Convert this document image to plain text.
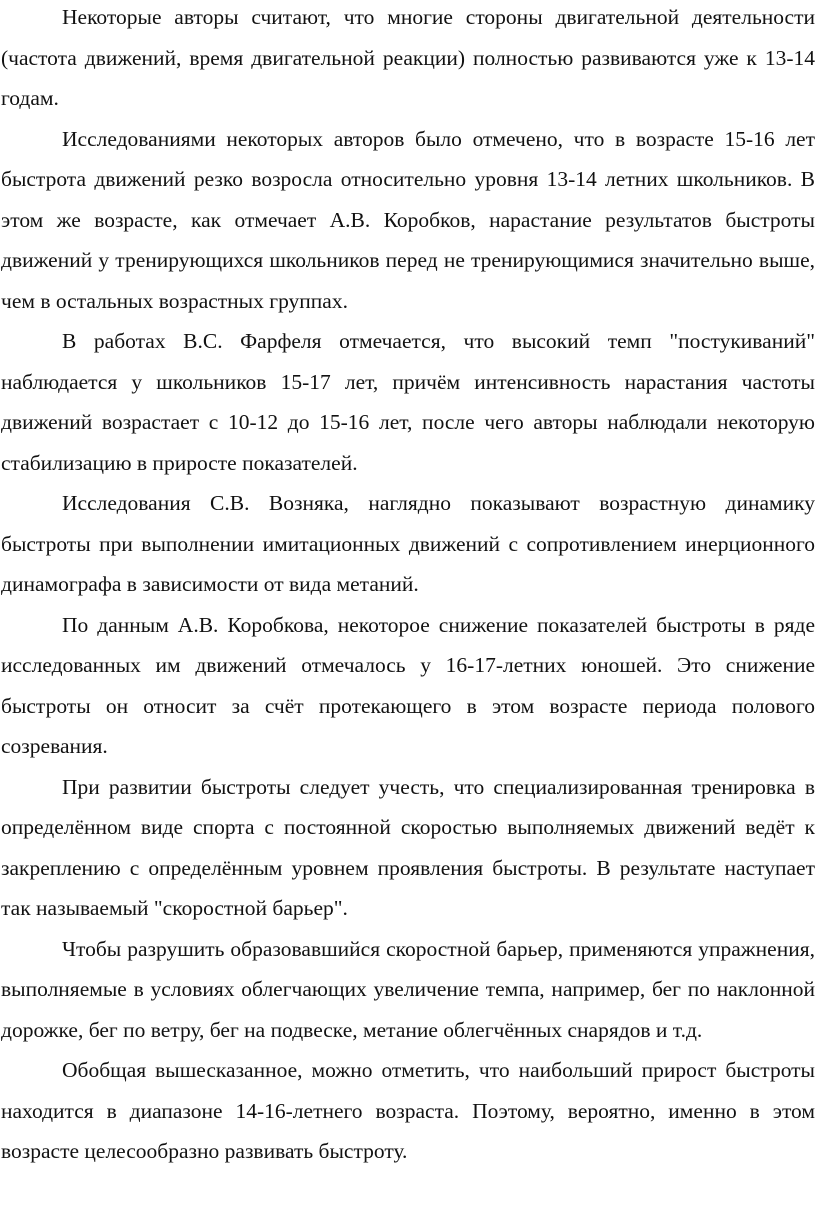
Некоторые авторы считают, что многие стороны двигательной деятельности (частота движений, время двигательной реакции) полностью развиваются уже к 13-14 годам.

Исследованиями некоторых авторов было отмечено, что в возрасте 15-16 лет быстрота движений резко возросла относительно уровня 13-14 летних школьников. В этом же возрасте, как отмечает А.В. Коробков, нарастание результатов быстроты движений у тренирующихся школьников перед не тренирующимися значительно выше, чем в остальных возрастных группах.

В работах В.С. Фарфеля отмечается, что высокий темп "постукиваний" наблюдается у школьников 15-17 лет, причём интенсивность нарастания частоты движений возрастает с 10-12 до 15-16 лет, после чего авторы наблюдали некоторую стабилизацию в приросте показателей.

Исследования С.В. Возняка, наглядно показывают возрастную динамику быстроты при выполнении имитационных движений с сопротивлением инерционного динамографа в зависимости от вида метаний.

По данным А.В. Коробкова, некоторое снижение показателей быстроты в ряде исследованных им движений отмечалось у 16-17-летних юношей. Это снижение быстроты он относит за счёт протекающего в этом возрасте периода полового созревания.

При развитии быстроты следует учесть, что специализированная тренировка в определённом виде спорта с постоянной скоростью выполняемых движений ведёт к закреплению с определённым уровнем проявления быстроты. В результате наступает так называемый "скоростной барьер".

Чтобы разрушить образовавшийся скоростной барьер, применяются упражнения, выполняемые в условиях облегчающих увеличение темпа, например, бег по наклонной дорожке, бег по ветру, бег на подвеске, метание облегчённых снарядов и т.д.

Обобщая вышесказанное, можно отметить, что наибольший прирост быстроты находится в диапазоне 14-16-летнего возраста. Поэтому, вероятно, именно в этом возрасте целесообразно развивать быстроту.
